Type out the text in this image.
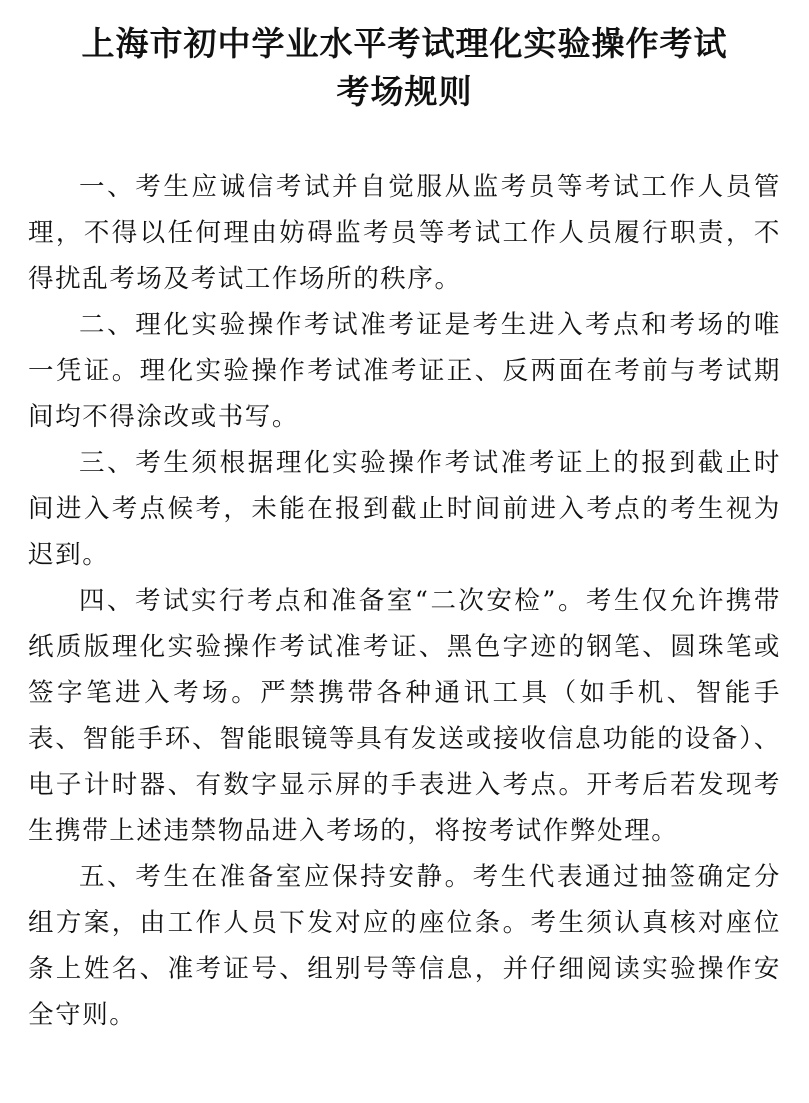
上海市初中学业水平考试理化实验操作考试
考场规则

一、考生应诚信考试并自觉服从监考员等考试工作人员管理，不得以任何理由妨碍监考员等考试工作人员履行职责，不得扰乱考场及考试工作场所的秩序。

二、理化实验操作考试准考证是考生进入考点和考场的唯一凭证。理化实验操作考试准考证正、反两面在考前与考试期间均不得涂改或书写。

三、考生须根据理化实验操作考试准考证上的报到截止时间进入考点候考，未能在报到截止时间前进入考点的考生视为迟到。

四、考试实行考点和准备室“二次安检”。考生仅允许携带纸质版理化实验操作考试准考证、黑色字迹的钢笔、圆珠笔或签字笔进入考场。严禁携带各种通讯工具（如手机、智能手表、智能手环、智能眼镜等具有发送或接收信息功能的设备）、电子计时器、有数字显示屏的手表进入考点。开考后若发现考生携带上述违禁物品进入考场的，将按考试作弊处理。

五、考生在准备室应保持安静。考生代表通过抽签确定分组方案，由工作人员下发对应的座位条。考生须认真核对座位条上姓名、准考证号、组别号等信息，并仔细阅读实验操作安全守则。
